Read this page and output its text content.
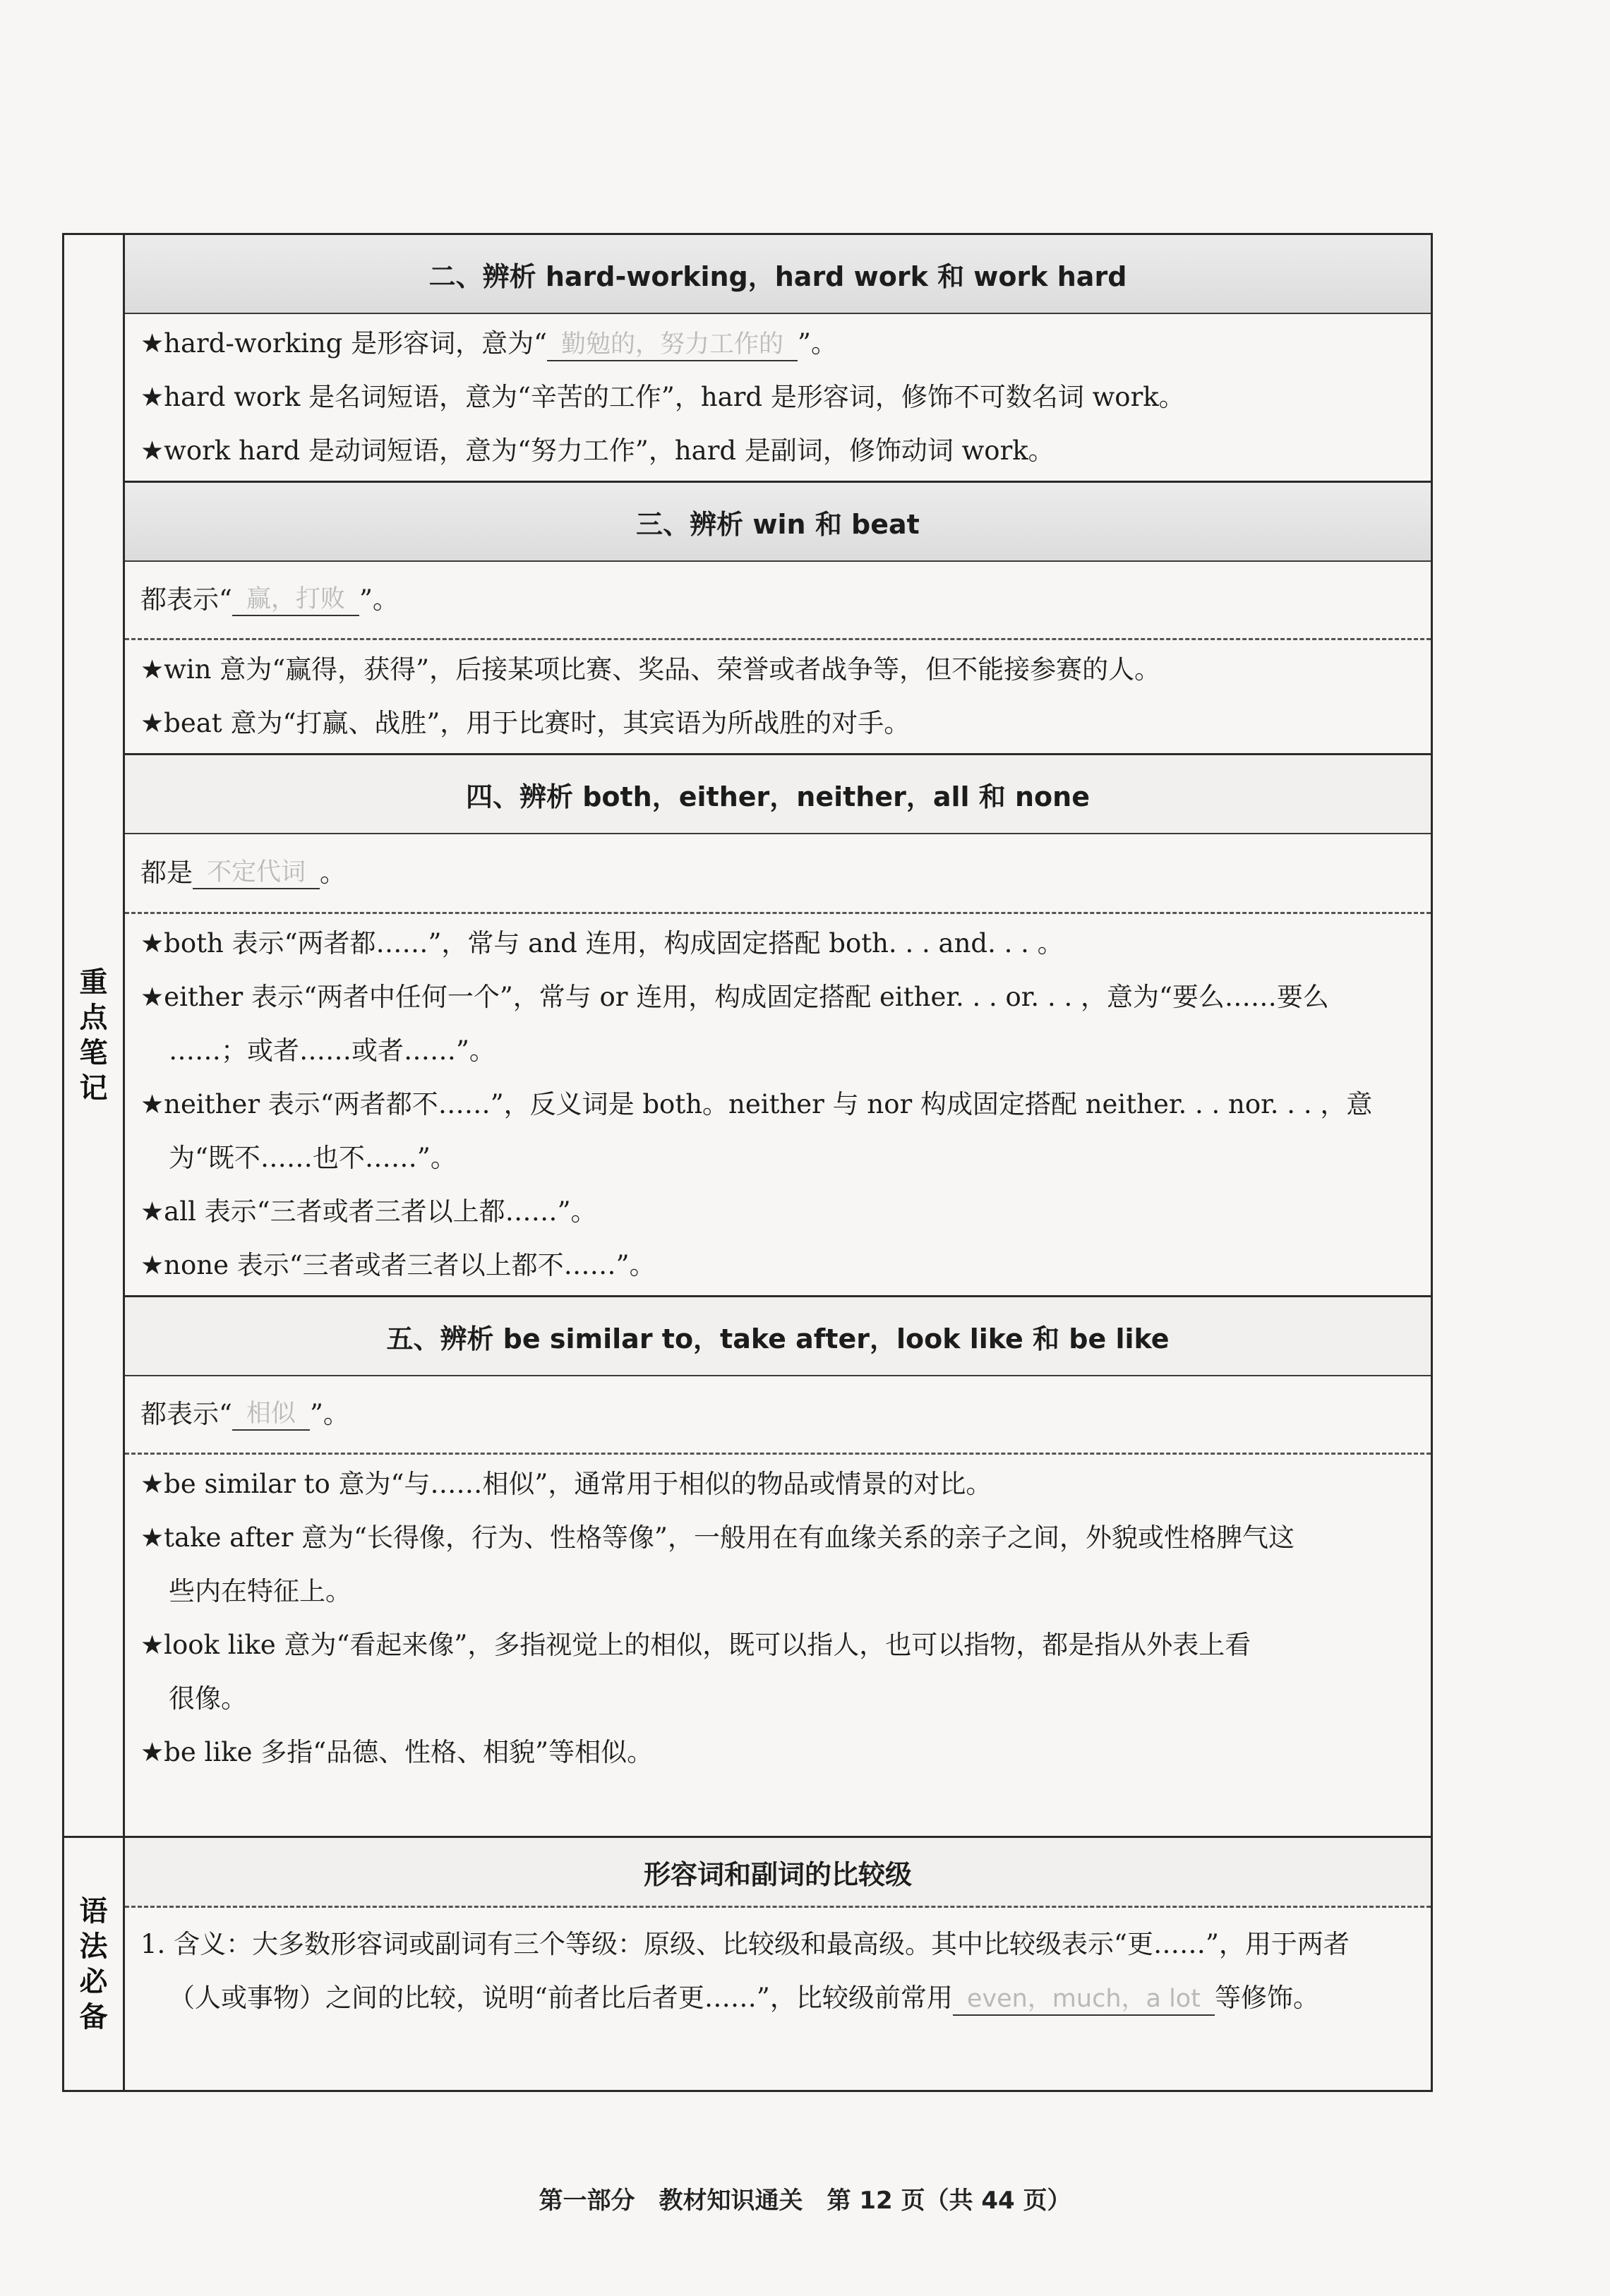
重点笔记
语法必备
二、辨析 hard-working，hard work 和 work hard

★hard-working 是形容词，意为“ 勤勉的，努力工作的 ”。

★hard work 是名词短语，意为“辛苦的工作”，hard 是形容词，修饰不可数名词 work。

★work hard 是动词短语，意为“努力工作”，hard 是副词，修饰动词 work。

三、辨析 win 和 beat
都表示“ 赢，打败 ”。

★win 意为“赢得，获得”，后接某项比赛、奖品、荣誉或者战争等，但不能接参赛的人。

★beat 意为“打赢、战胜”，用于比赛时，其宾语为所战胜的对手。

四、辨析 both，either，neither，all 和 none
都是 不定代词 。

★both 表示“两者都……”，常与 and 连用，构成固定搭配 both. . . and. . . 。

★either 表示“两者中任何一个”，常与 or 连用，构成固定搭配 either. . . or. . . ，意为“要么……要么

……；或者……或者……”。

★neither 表示“两者都不……”，反义词是 both。neither 与 nor 构成固定搭配 neither. . . nor. . . ，意

为“既不……也不……”。

★all 表示“三者或者三者以上都……”。

★none 表示“三者或者三者以上都不……”。

五、辨析 be similar to，take after，look like 和 be like
都表示“ 相似 ”。

★be similar to 意为“与……相似”，通常用于相似的物品或情景的对比。

★take after 意为“长得像，行为、性格等像”，一般用在有血缘关系的亲子之间，外貌或性格脾气这

些内在特征上。

★look like 意为“看起来像”，多指视觉上的相似，既可以指人，也可以指物，都是指从外表上看

很像。

★be like 多指“品德、性格、相貌”等相似。

形容词和副词的比较级

1. 含义：大多数形容词或副词有三个等级：原级、比较级和最高级。其中比较级表示“更……”，用于两者

（人或事物）之间的比较，说明“前者比后者更……”，比较级前常用 even，much，a lot 等修饰。

第一部分　教材知识通关　第 12 页（共 44 页）
